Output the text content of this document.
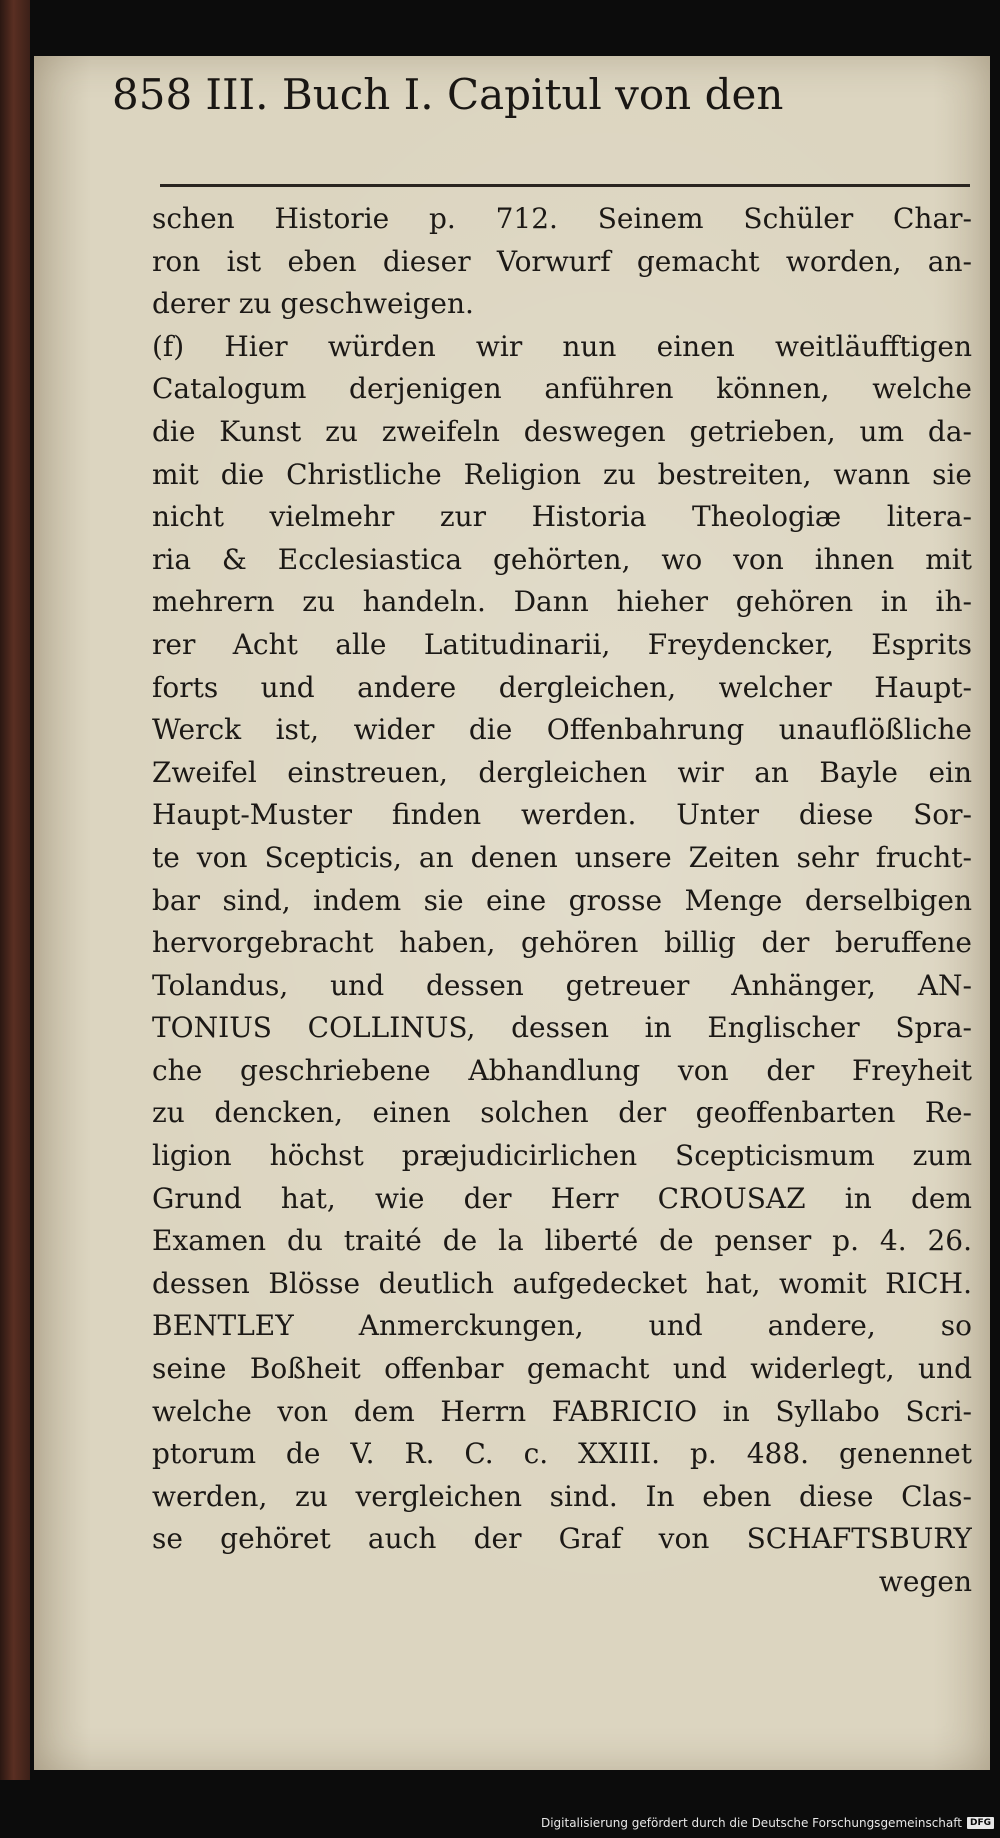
858 III. Buch I. Capitul von den
schen Historie p. 712. Seinem Schüler Char-
ron ist eben dieser Vorwurf gemacht worden, an-
derer zu geschweigen.
(f) Hier würden wir nun einen weitläufftigen
Catalogum derjenigen anführen können, welche
die Kunst zu zweifeln deswegen getrieben, um da-
mit die Christliche Religion zu bestreiten, wann sie
nicht vielmehr zur Historia Theologiæ litera-
ria & Ecclesiastica gehörten, wo von ihnen mit
mehrern zu handeln. Dann hieher gehören in ih-
rer Acht alle Latitudinarii, Freydencker, Esprits
forts und andere dergleichen, welcher Haupt-
Werck ist, wider die Offenbahrung unauflößliche
Zweifel einstreuen, dergleichen wir an Bayle ein
Haupt-Muster finden werden. Unter diese Sor-
te von Scepticis, an denen unsere Zeiten sehr frucht-
bar sind, indem sie eine grosse Menge derselbigen
hervorgebracht haben, gehören billig der beruffene
Tolandus, und dessen getreuer Anhänger, AN-
TONIUS COLLINUS, dessen in Englischer Spra-
che geschriebene Abhandlung von der Freyheit
zu dencken, einen solchen der geoffenbarten Re-
ligion höchst præjudicirlichen Scepticismum zum
Grund hat, wie der Herr CROUSAZ in dem
Examen du traité de la liberté de penser p. 4. 26.
dessen Blösse deutlich aufgedecket hat, womit RICH.
BENTLEY Anmerckungen, und andere, so
seine Boßheit offenbar gemacht und widerlegt, und
welche von dem Herrn FABRICIO in Syllabo Scri-
ptorum de V. R. C. c. XXIII. p. 488. genennet
werden, zu vergleichen sind. In eben diese Clas-
se gehöret auch der Graf von SCHAFTSBURY
wegen
Digitalisierung gefördert durch die Deutsche Forschungsgemeinschaft DFG
